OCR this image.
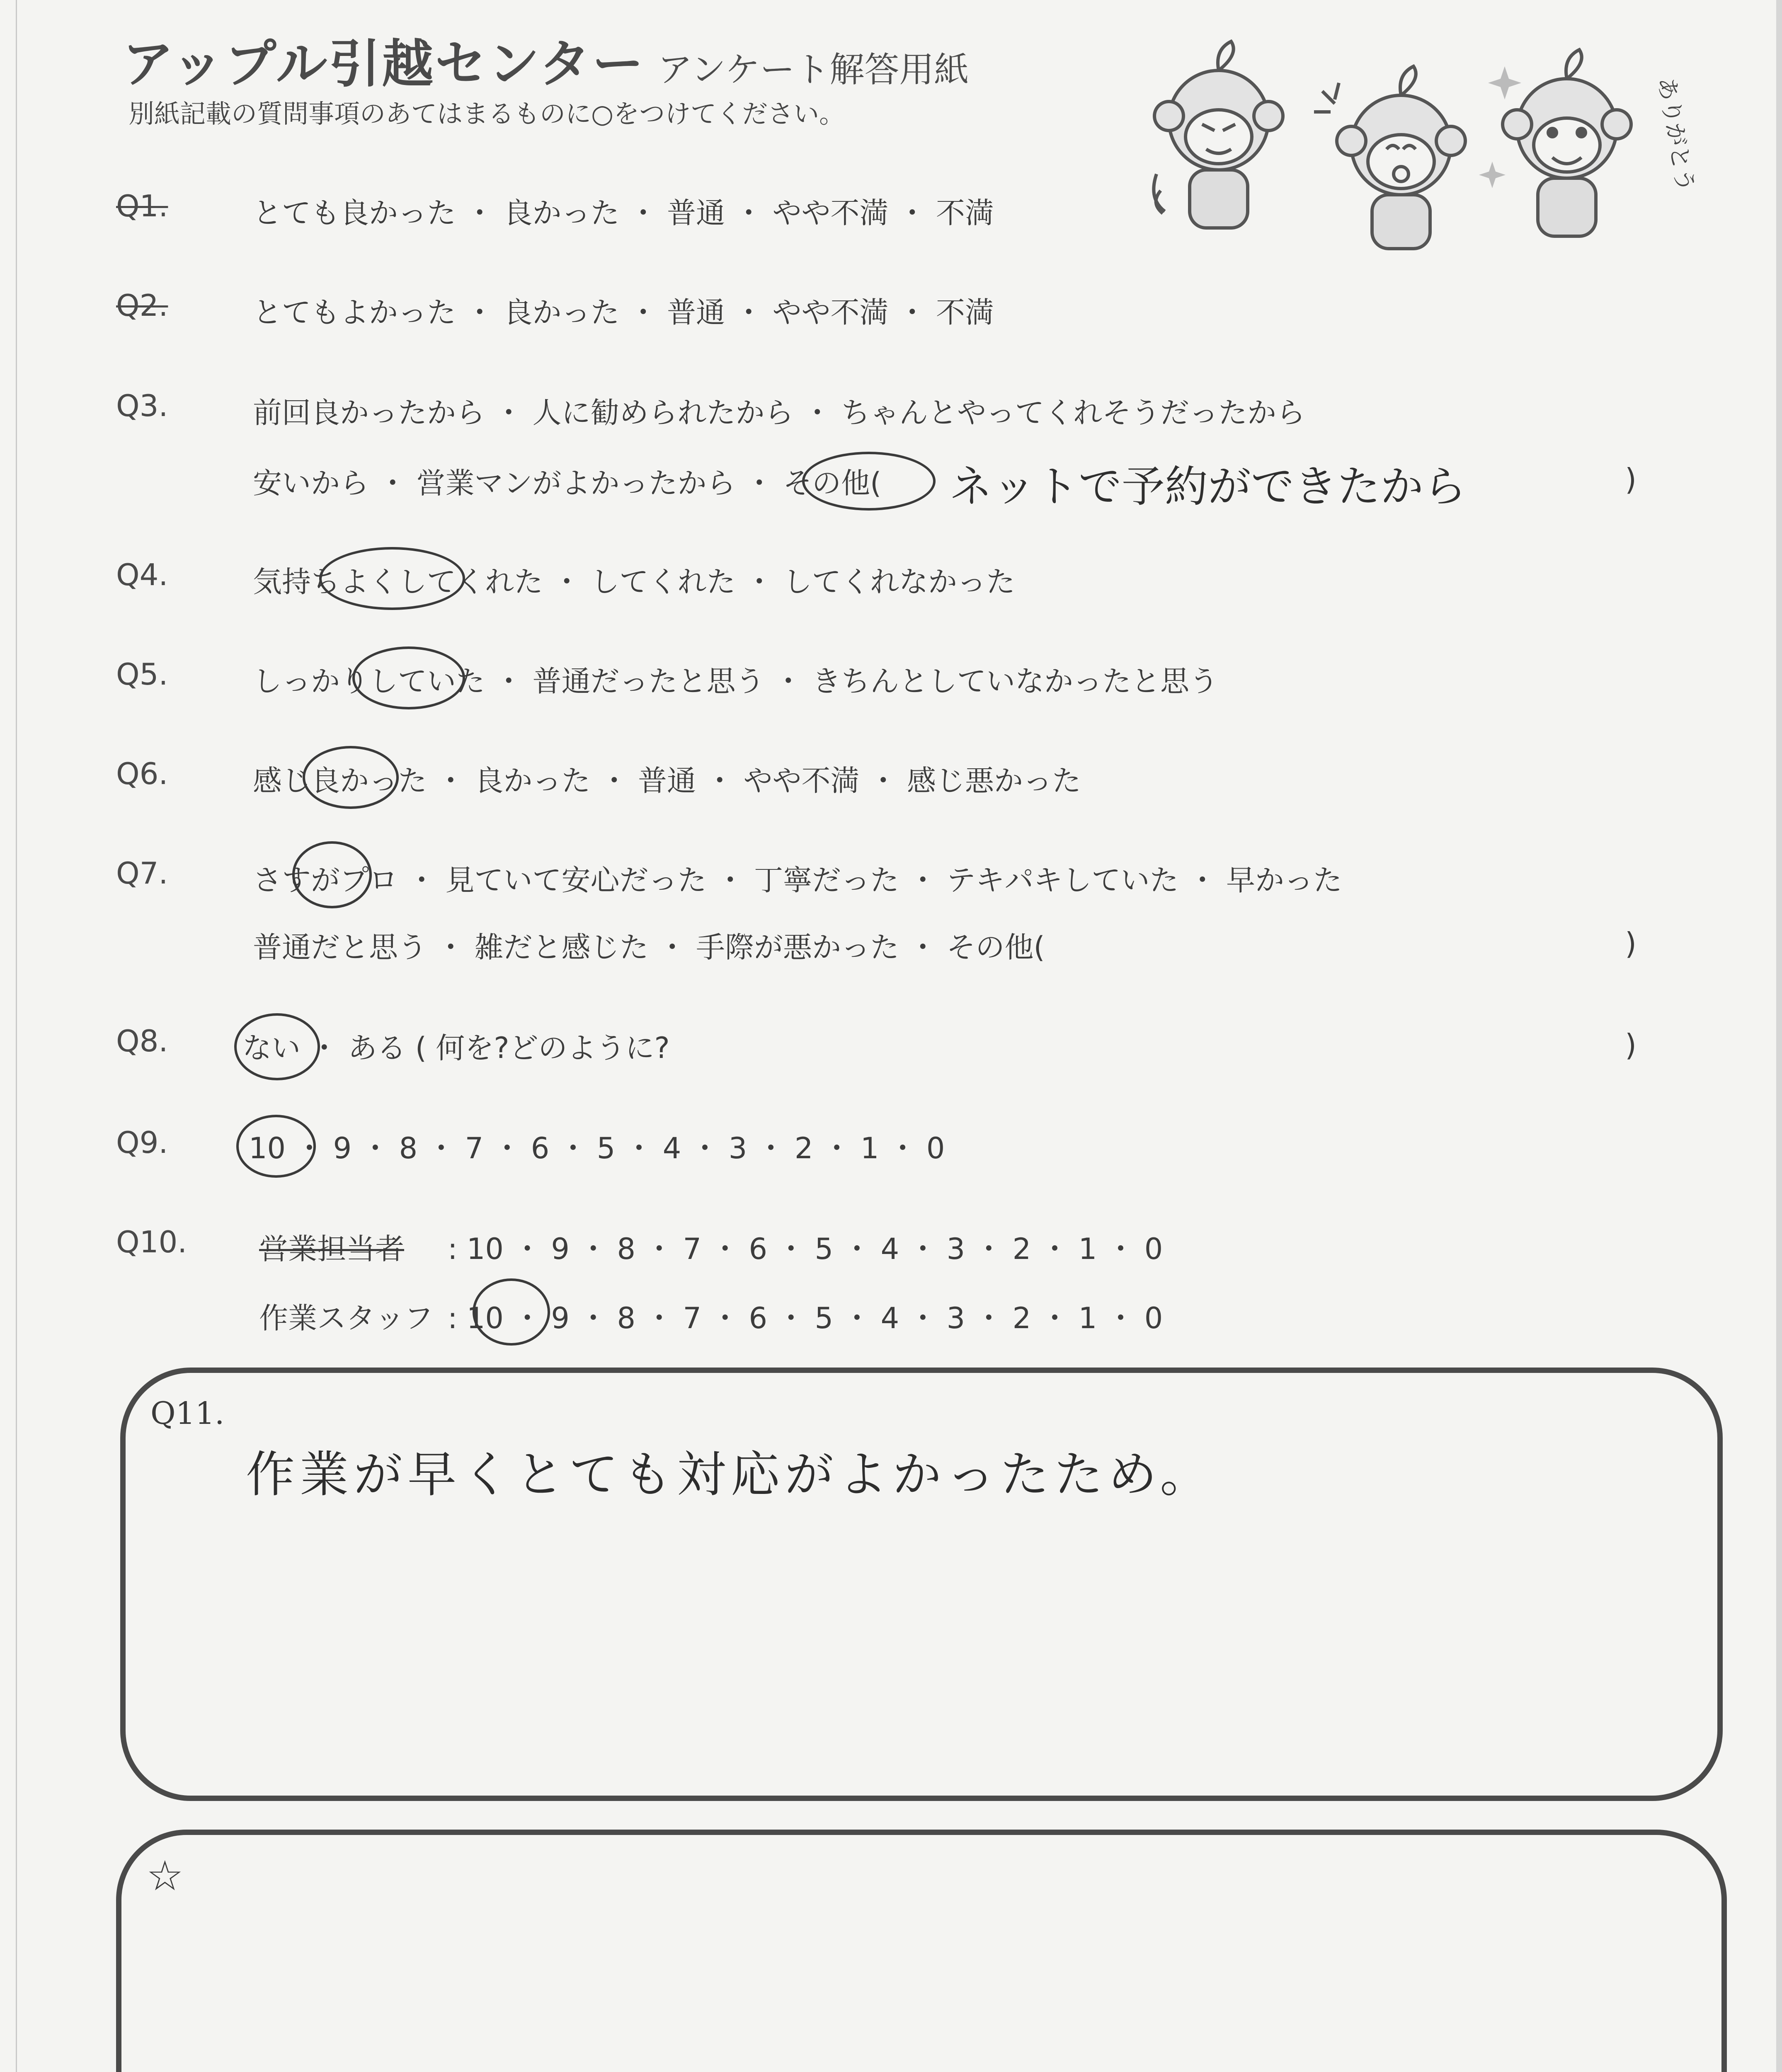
アップル引越センター アンケート解答用紙
別紙記載の質問事項のあてはまるものに○をつけてください。	ありがとう
Q1.	とても良かった ・ 良かった ・ 普通 ・ やや不満 ・ 不満
Q2.	とてもよかった ・ 良かった ・ 普通 ・ やや不満 ・ 不満
Q3.	前回良かったから ・ 人に勧められたから ・ ちゃんとやってくれそうだったから
安いから ・ 営業マンがよかったから ・ その他( ネットで予約ができたから	)
Q4.	気持ちよくしてくれた ・ してくれた ・ してくれなかった
Q5.	しっかりしていた ・ 普通だったと思う ・ きちんとしていなかったと思う
Q6.	感じ良かった ・ 良かった ・ 普通 ・ やや不満 ・ 感じ悪かった
Q7.	さすがプロ ・ 見ていて安心だった ・ 丁寧だった ・ テキパキしていた ・ 早かった
普通だと思う ・ 雑だと感じた ・ 手際が悪かった ・ その他(	)
Q8.	ない ・ ある ( 何を?どのように?	)
Q9.	10 ・ 9 ・ 8 ・ 7 ・ 6 ・ 5 ・ 4 ・ 3 ・ 2 ・ 1 ・ 0
Q10. 営業担当者 : 10 ・ 9 ・ 8 ・ 7 ・ 6 ・ 5 ・ 4 ・ 3 ・ 2 ・ 1 ・ 0
作業スタッフ : 10 ・ 9 ・ 8 ・ 7 ・ 6 ・ 5 ・ 4 ・ 3 ・ 2 ・ 1 ・ 0
Q11.
作業が早くとても対応がよかったため。
☆
